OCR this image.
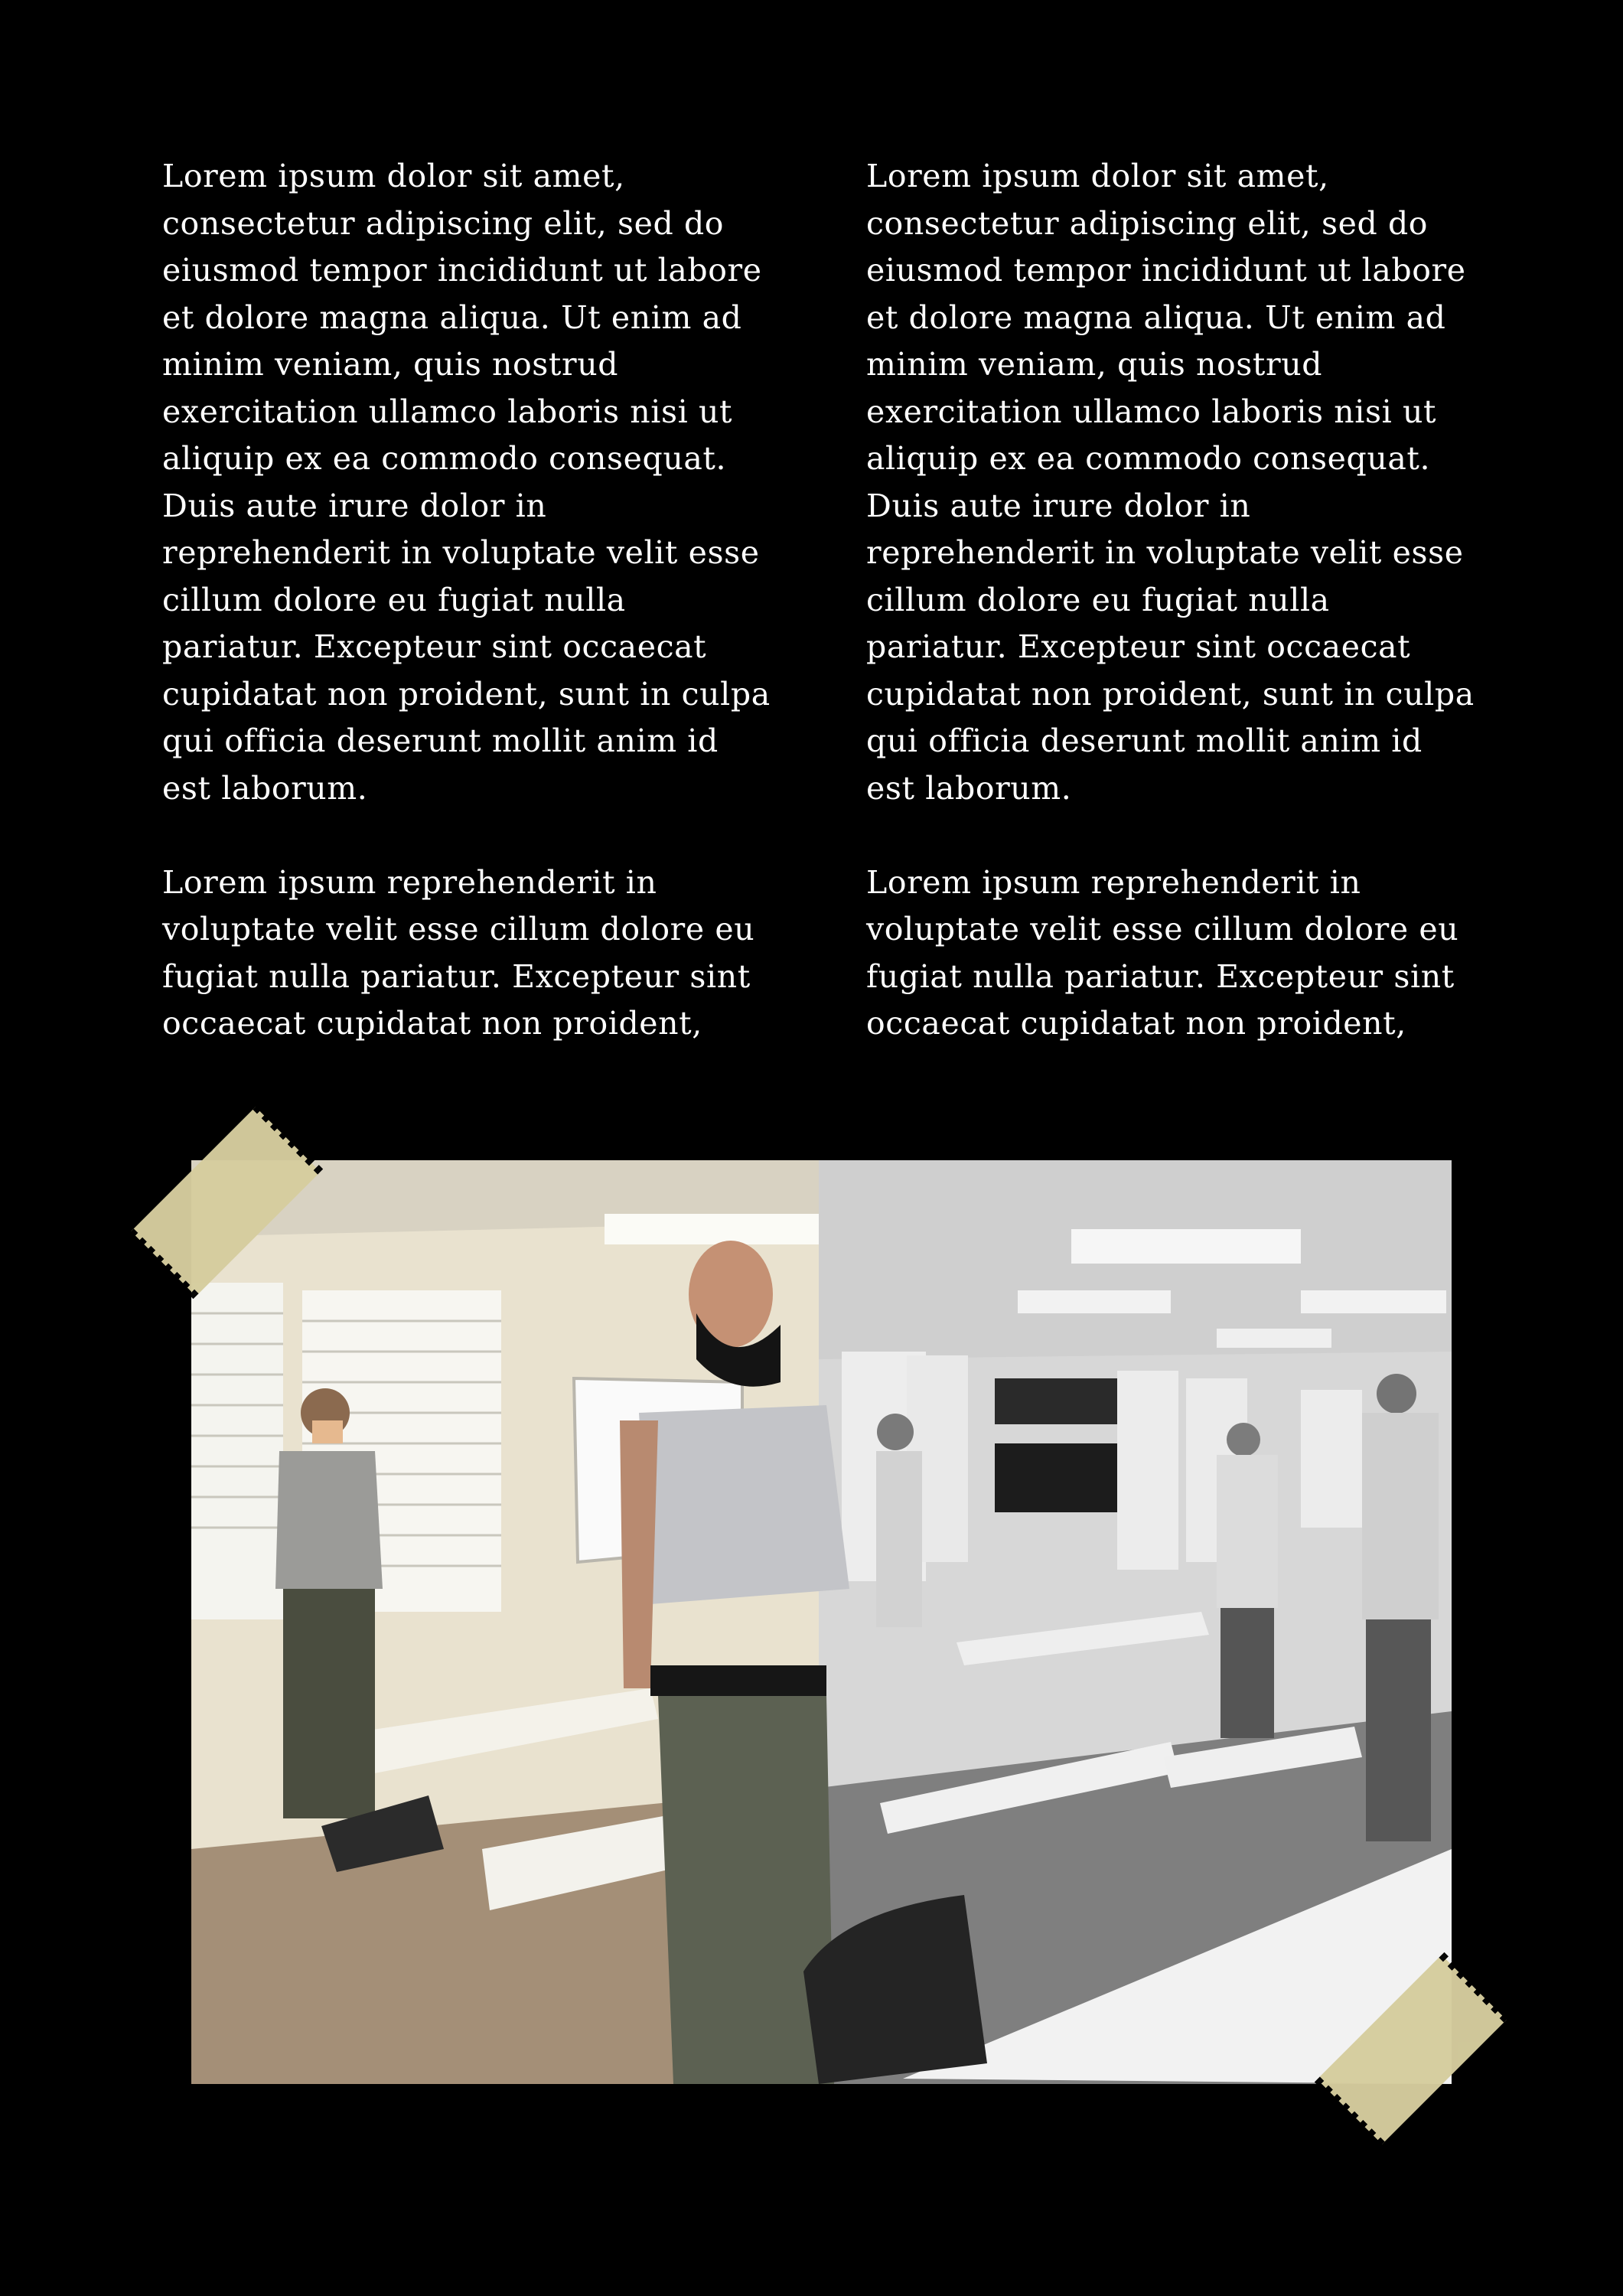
Lorem ipsum dolor sit amet, consectetur adipiscing elit, sed do eiusmod tempor incididunt ut labore et dolore magna aliqua. Ut enim ad minim veniam, quis nostrud exercitation ullamco laboris nisi ut aliquip ex ea commodo consequat. Duis aute irure dolor in reprehenderit in voluptate velit esse cillum dolore eu fugiat nulla pariatur. Excepteur sint occaecat cupidatat non proident, sunt in culpa qui officia deserunt mollit anim id est laborum.

Lorem ipsum reprehenderit in voluptate velit esse cillum dolore eu fugiat nulla pariatur. Excepteur sint occaecat cupidatat non proident,

Lorem ipsum dolor sit amet, consectetur adipiscing elit, sed do eiusmod tempor incididunt ut labore et dolore magna aliqua. Ut enim ad minim veniam, quis nostrud exercitation ullamco laboris nisi ut aliquip ex ea commodo consequat. Duis aute irure dolor in reprehenderit in voluptate velit esse cillum dolore eu fugiat nulla pariatur. Excepteur sint occaecat cupidatat non proident, sunt in culpa qui officia deserunt mollit anim id est laborum.

Lorem ipsum reprehenderit in voluptate velit esse cillum dolore eu fugiat nulla pariatur. Excepteur sint occaecat cupidatat non proident,
